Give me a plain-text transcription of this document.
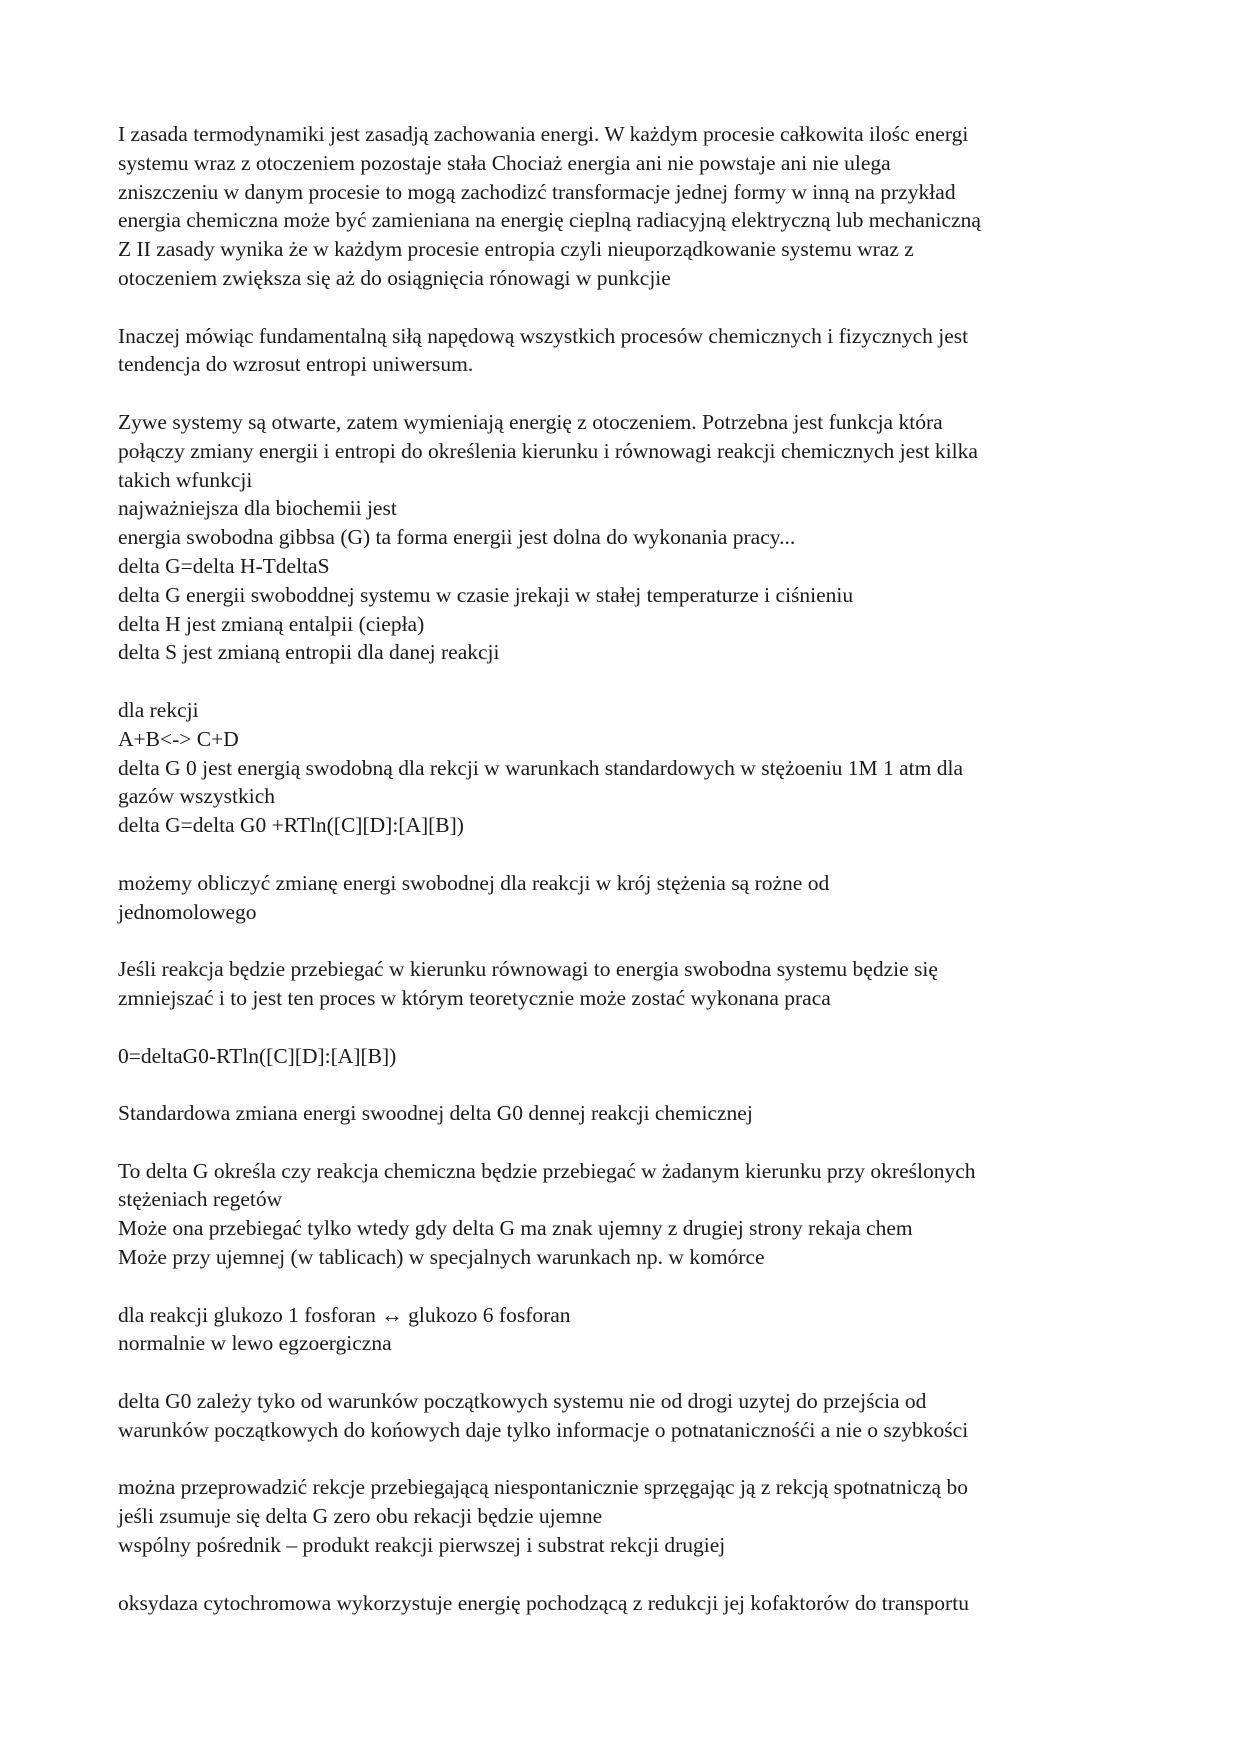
I zasada termodynamiki jest zasadją zachowania energi. W każdym procesie całkowita ilośc energi
systemu wraz z otoczeniem pozostaje stała Chociaż energia ani nie powstaje ani nie ulega
zniszczeniu w danym procesie to mogą zachodizć transformacje jednej formy w inną na przykład
energia chemiczna może być zamieniana na energię cieplną radiacyjną elektryczną lub mechaniczną
Z II zasady wynika że w każdym procesie entropia czyli nieuporządkowanie systemu wraz z
otoczeniem zwiększa się aż do osiągnięcia rónowagi w punkcjie
Inaczej mówiąc fundamentalną siłą napędową wszystkich procesów chemicznych i fizycznych jest
tendencja do wzrosut entropi uniwersum.
Zywe systemy są otwarte, zatem wymieniają energię z otoczeniem. Potrzebna jest funkcja która
połączy zmiany energii i entropi do określenia kierunku i równowagi reakcji chemicznych jest kilka
takich wfunkcji
najważniejsza dla biochemii jest
energia swobodna gibbsa (G) ta forma energii jest dolna do wykonania pracy...
delta G=delta H-TdeltaS
delta G energii swoboddnej systemu w czasie jrekaji w stałej temperaturze i ciśnieniu
delta H jest zmianą entalpii (ciepła)
delta S jest zmianą entropii dla danej reakcji
dla rekcji
A+B<-> C+D
delta G 0 jest energią swodobną dla rekcji w warunkach standardowych w stężoeniu 1M 1 atm dla
gazów wszystkich
delta G=delta G0 +RTln([C][D]:[A][B])
możemy obliczyć zmianę energi swobodnej dla reakcji w krój stężenia są rożne od
jednomolowego
Jeśli reakcja będzie przebiegać w kierunku równowagi to energia swobodna systemu będzie się
zmniejszać i to jest ten proces w którym teoretycznie może zostać wykonana praca
0=deltaG0-RTln([C][D]:[A][B])
Standardowa zmiana energi swoodnej delta G0 dennej reakcji chemicznej
To delta G określa czy reakcja chemiczna będzie przebiegać w żadanym kierunku przy określonych
stężeniach regetów
Może ona przebiegać tylko wtedy gdy delta G ma znak ujemny z drugiej strony rekaja chem
Może przy ujemnej (w tablicach) w specjalnych warunkach np. w komórce
dla reakcji glukozo 1 fosforan ↔ glukozo 6 fosforan
normalnie w lewo egzoergiczna
delta G0 zależy tyko od warunków początkowych systemu nie od drogi uzytej do przejścia od
warunków początkowych do końowych daje tylko informacje o potnatanicznośći a nie o szybkości
można przeprowadzić rekcje przebiegającą niespontanicznie sprzęgając ją z rekcją spotnatniczą bo
jeśli zsumuje się delta G zero obu rekacji będzie ujemne
wspólny pośrednik – produkt reakcji pierwszej i substrat rekcji drugiej
oksydaza cytochromowa wykorzystuje energię pochodzącą z redukcji jej kofaktorów do transportu
